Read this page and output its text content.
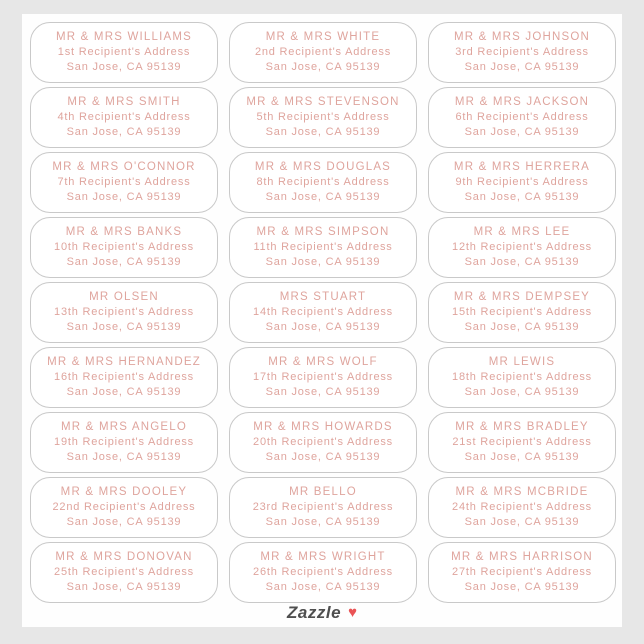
MR & MRS WILLIAMS
1st Recipient's Address
San Jose, CA 95139
MR & MRS WHITE
2nd Recipient's Address
San Jose, CA 95139
MR & MRS JOHNSON
3rd Recipient's Address
San Jose, CA 95139
MR & MRS SMITH
4th Recipient's Address
San Jose, CA 95139
MR & MRS STEVENSON
5th Recipient's Address
San Jose, CA 95139
MR & MRS JACKSON
6th Recipient's Address
San Jose, CA 95139
MR & MRS O'CONNOR
7th Recipient's Address
San Jose, CA 95139
MR & MRS DOUGLAS
8th Recipient's Address
San Jose, CA 95139
MR & MRS HERRERA
9th Recipient's Address
San Jose, CA 95139
MR & MRS BANKS
10th Recipient's Address
San Jose, CA 95139
MR & MRS SIMPSON
11th Recipient's Address
San Jose, CA 95139
MR & MRS LEE
12th Recipient's Address
San Jose, CA 95139
MR OLSEN
13th Recipient's Address
San Jose, CA 95139
MRS STUART
14th Recipient's Address
San Jose, CA 95139
MR & MRS DEMPSEY
15th Recipient's Address
San Jose, CA 95139
MR & MRS HERNANDEZ
16th Recipient's Address
San Jose, CA 95139
MR & MRS WOLF
17th Recipient's Address
San Jose, CA 95139
MR LEWIS
18th Recipient's Address
San Jose, CA 95139
MR & MRS ANGELO
19th Recipient's Address
San Jose, CA 95139
MR & MRS HOWARDS
20th Recipient's Address
San Jose, CA 95139
MR & MRS BRADLEY
21st Recipient's Address
San Jose, CA 95139
MR & MRS DOOLEY
22nd Recipient's Address
San Jose, CA 95139
MR BELLO
23rd Recipient's Address
San Jose, CA 95139
MR & MRS MCBRIDE
24th Recipient's Address
San Jose, CA 95139
MR & MRS DONOVAN
25th Recipient's Address
San Jose, CA 95139
MR & MRS WRIGHT
26th Recipient's Address
San Jose, CA 95139
MR & MRS HARRISON
27th Recipient's Address
San Jose, CA 95139
Zazzle ♥
